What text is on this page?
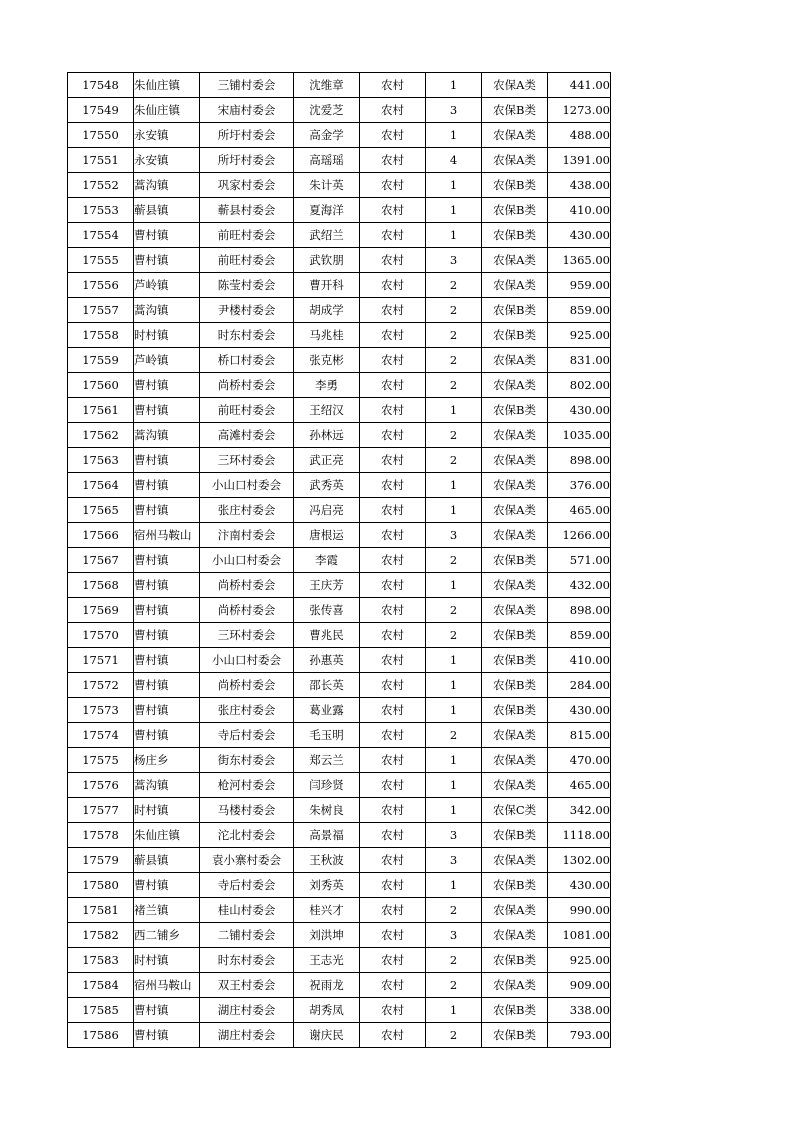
17548	朱仙庄镇	三铺村委会	沈维章	农村	1	农保A类	441.00
17549	朱仙庄镇	宋庙村委会	沈爱芝	农村	3	农保B类	1273.00
17550	永安镇	所圩村委会	高金学	农村	1	农保A类	488.00
17551	永安镇	所圩村委会	高瑶瑶	农村	4	农保A类	1391.00
17552	蒿沟镇	巩家村委会	朱计英	农村	1	农保B类	438.00
17553	蕲县镇	蕲县村委会	夏海洋	农村	1	农保B类	410.00
17554	曹村镇	前旺村委会	武绍兰	农村	1	农保B类	430.00
17555	曹村镇	前旺村委会	武钦朋	农村	3	农保A类	1365.00
17556	芦岭镇	陈莹村委会	曹开科	农村	2	农保A类	959.00
17557	蒿沟镇	尹楼村委会	胡成学	农村	2	农保B类	859.00
17558	时村镇	时东村委会	马兆桂	农村	2	农保B类	925.00
17559	芦岭镇	桥口村委会	张克彬	农村	2	农保A类	831.00
17560	曹村镇	尚桥村委会	李勇	农村	2	农保A类	802.00
17561	曹村镇	前旺村委会	王绍汉	农村	1	农保B类	430.00
17562	蒿沟镇	高滩村委会	孙林远	农村	2	农保A类	1035.00
17563	曹村镇	三环村委会	武正亮	农村	2	农保A类	898.00
17564	曹村镇	小山口村委会	武秀英	农村	1	农保A类	376.00
17565	曹村镇	张庄村委会	冯启亮	农村	1	农保A类	465.00
17566	宿州马鞍山	汴南村委会	唐根运	农村	3	农保A类	1266.00
17567	曹村镇	小山口村委会	李霞	农村	2	农保B类	571.00
17568	曹村镇	尚桥村委会	王庆芳	农村	1	农保A类	432.00
17569	曹村镇	尚桥村委会	张传喜	农村	2	农保A类	898.00
17570	曹村镇	三环村委会	曹兆民	农村	2	农保B类	859.00
17571	曹村镇	小山口村委会	孙惠英	农村	1	农保B类	410.00
17572	曹村镇	尚桥村委会	邵长英	农村	1	农保B类	284.00
17573	曹村镇	张庄村委会	葛业露	农村	1	农保B类	430.00
17574	曹村镇	寺后村委会	毛玉明	农村	2	农保A类	815.00
17575	杨庄乡	街东村委会	郑云兰	农村	1	农保A类	470.00
17576	蒿沟镇	枪河村委会	闫珍贤	农村	1	农保A类	465.00
17577	时村镇	马楼村委会	朱树良	农村	1	农保C类	342.00
17578	朱仙庄镇	沱北村委会	高景福	农村	3	农保B类	1118.00
17579	蕲县镇	袁小寨村委会	王秋波	农村	3	农保A类	1302.00
17580	曹村镇	寺后村委会	刘秀英	农村	1	农保B类	430.00
17581	褚兰镇	桂山村委会	桂兴才	农村	2	农保A类	990.00
17582	西二铺乡	二铺村委会	刘洪坤	农村	3	农保A类	1081.00
17583	时村镇	时东村委会	王志光	农村	2	农保B类	925.00
17584	宿州马鞍山	双王村委会	祝雨龙	农村	2	农保A类	909.00
17585	曹村镇	湖庄村委会	胡秀凤	农村	1	农保B类	338.00
17586	曹村镇	湖庄村委会	谢庆民	农村	2	农保B类	793.00
